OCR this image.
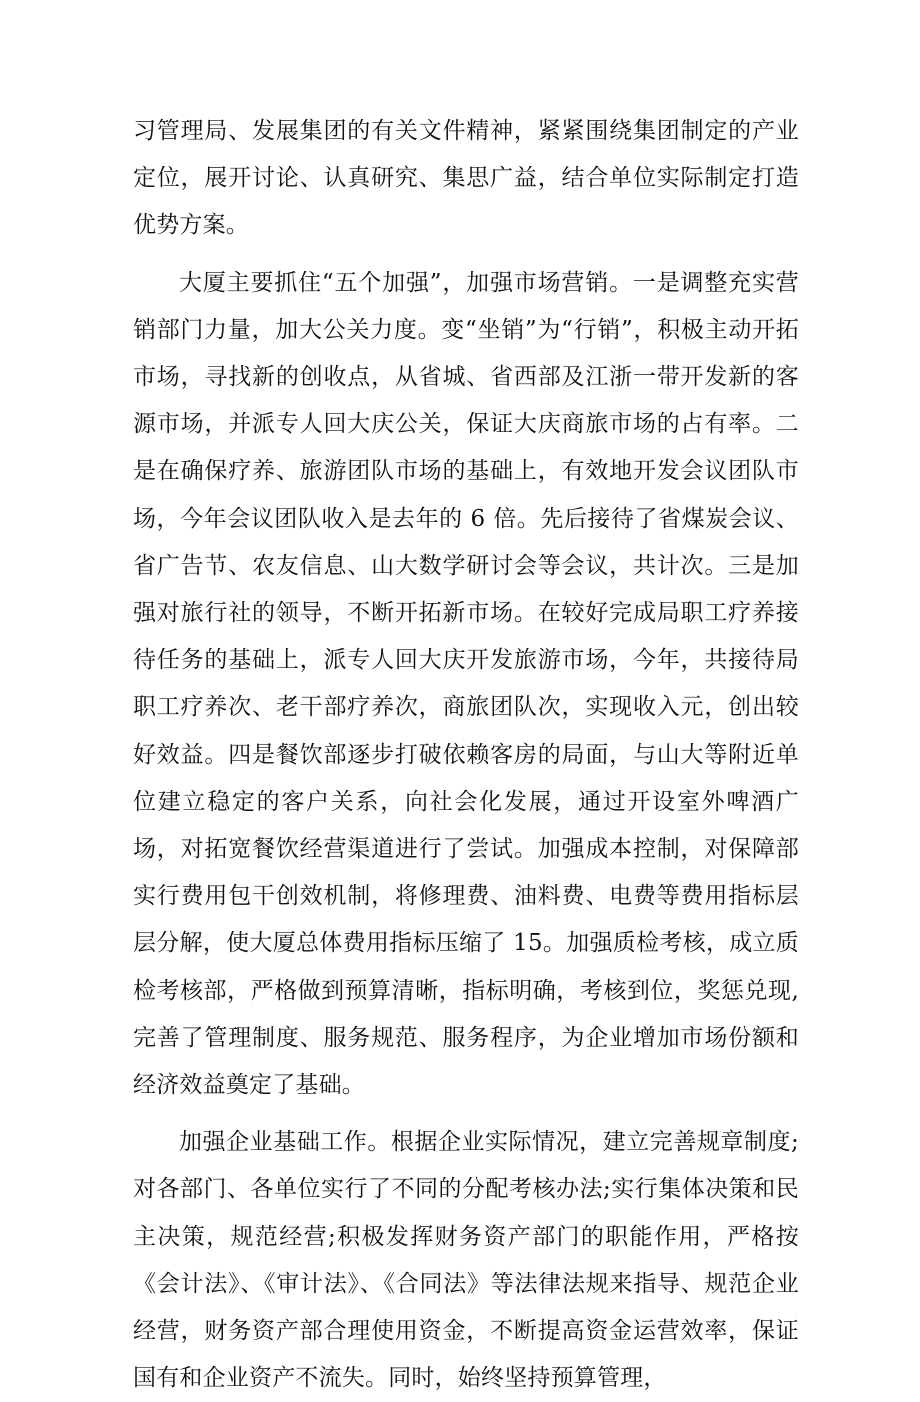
习管理局、发展集团的有关文件精神，紧紧围绕集团制定的产业定位，展开讨论、认真研究、集思广益，结合单位实际制定打造优势方案。

大厦主要抓住“五个加强”，加强市场营销。一是调整充实营销部门力量，加大公关力度。变“坐销”为“行销”，积极主动开拓市场，寻找新的创收点，从省城、省西部及江浙一带开发新的客源市场，并派专人回大庆公关，保证大庆商旅市场的占有率。二是在确保疗养、旅游团队市场的基础上，有效地开发会议团队市场，今年会议团队收入是去年的 6 倍。先后接待了省煤炭会议、省广告节、农友信息、山大数学研讨会等会议，共计次。三是加强对旅行社的领导，不断开拓新市场。在较好完成局职工疗养接待任务的基础上，派专人回大庆开发旅游市场，今年，共接待局职工疗养次、老干部疗养次，商旅团队次，实现收入元，创出较好效益。四是餐饮部逐步打破依赖客房的局面，与山大等附近单位建立稳定的客户关系，向社会化发展，通过开设室外啤酒广场，对拓宽餐饮经营渠道进行了尝试。加强成本控制，对保障部实行费用包干创效机制，将修理费、油料费、电费等费用指标层层分解，使大厦总体费用指标压缩了 15。加强质检考核，成立质检考核部，严格做到预算清晰，指标明确，考核到位，奖惩兑现,完善了管理制度、服务规范、服务程序，为企业增加市场份额和经济效益奠定了基础。

加强企业基础工作。根据企业实际情况，建立完善规章制度;对各部门、各单位实行了不同的分配考核办法;实行集体决策和民主决策，规范经营;积极发挥财务资产部门的职能作用，严格按《会计法》、《审计法》、《合同法》等法律法规来指导、规范企业经营，财务资产部合理使用资金，不断提高资金运营效率，保证国有和企业资产不流失。同时，始终坚持预算管理，
